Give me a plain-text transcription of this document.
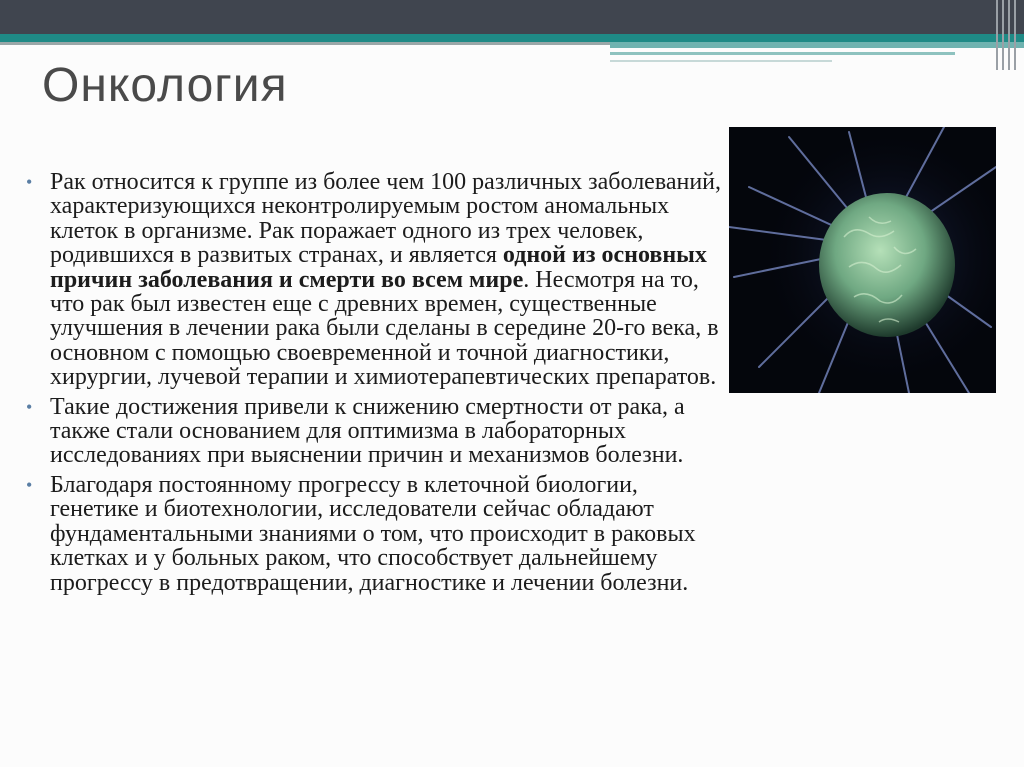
Онкология
• Рак относится к группе из более чем 100 различных заболеваний, характеризующихся неконтролируемым ростом аномальных клеток в организме. Рак поражает одного из трех человек, родившихся в развитых странах, и является одной из основных причин заболевания и смерти во всем мире. Несмотря на то, что рак был известен еще с древних времен, существенные улучшения в лечении рака были сделаны в середине 20-го века, в основном с помощью своевременной и точной диагностики, хирургии, лучевой терапии и химиотерапевтических препаратов.
• Такие достижения привели к снижению смертности от рака, а также стали основанием для оптимизма в лабораторных исследованиях при выяснении причин и механизмов болезни.
• Благодаря постоянному прогрессу в клеточной биологии, генетике и биотехнологии, исследователи сейчас обладают фундаментальными знаниями о том, что происходит в раковых клетках и у больных раком, что способствует дальнейшему прогрессу в предотвращении, диагностике и лечении болезни.
